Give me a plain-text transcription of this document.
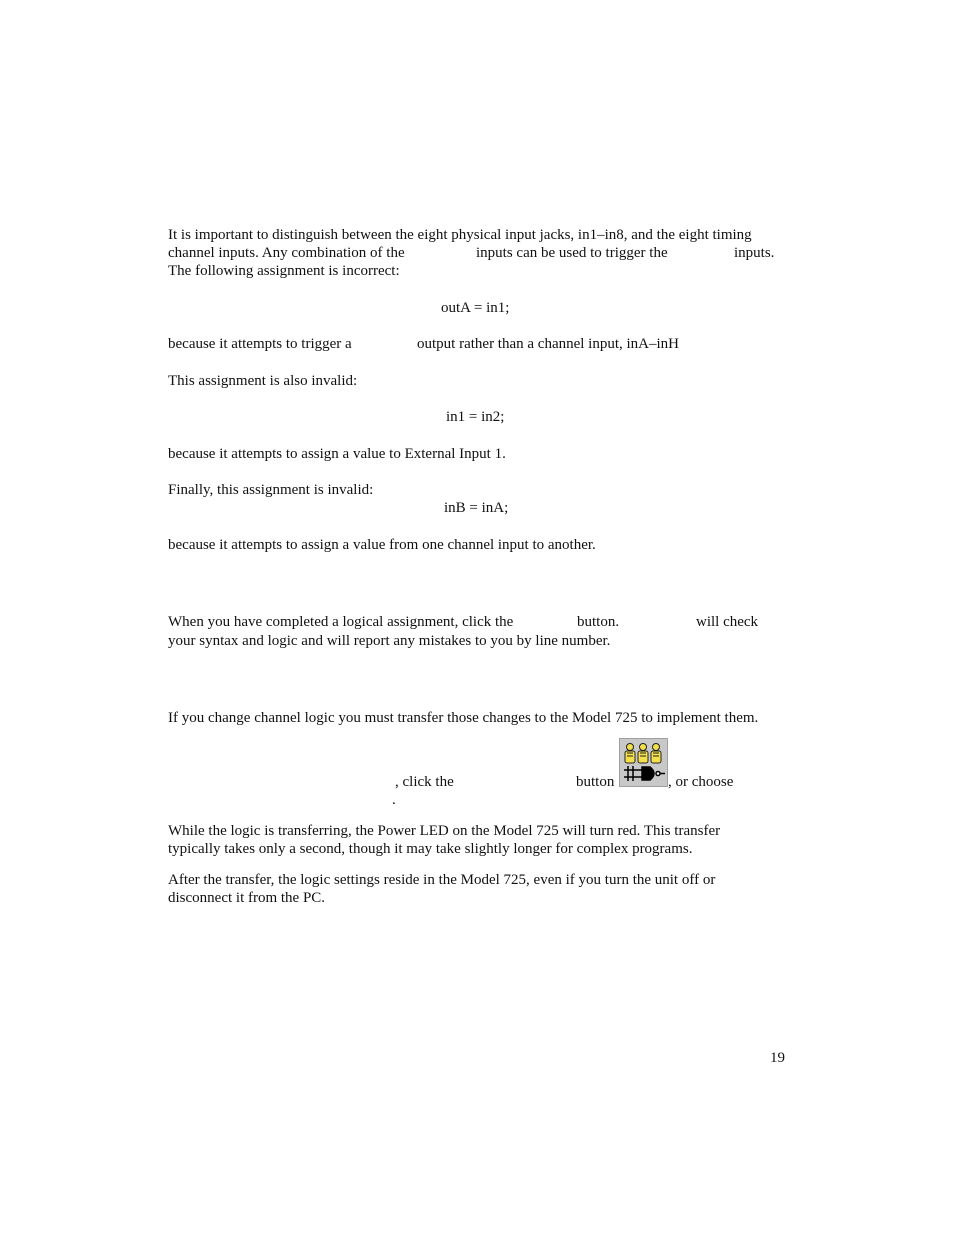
It is important to distinguish between the eight physical input jacks, in1–in8, and the eight timing
channel inputs. Any combination of the	inputs can be used to trigger the	inputs.
The following assignment is incorrect:
outA = in1;
because it attempts to trigger a	output rather than a channel input, inA–inH
This assignment is also invalid:
in1 = in2;
because it attempts to assign a value to External Input 1.
Finally, this assignment is invalid:
inB = inA;
because it attempts to assign a value from one channel input to another.
When you have completed a logical assignment, click the	button.	will check
your syntax and logic and will report any mistakes to you by line number.
If you change channel logic you must transfer those changes to the Model 725 to implement them.
, click the	button	, or choose
.
While the logic is transferring, the Power LED on the Model 725 will turn red. This transfer
typically takes only a second, though it may take slightly longer for complex programs.
After the transfer, the logic settings reside in the Model 725, even if you turn the unit off or
disconnect it from the PC.
19
